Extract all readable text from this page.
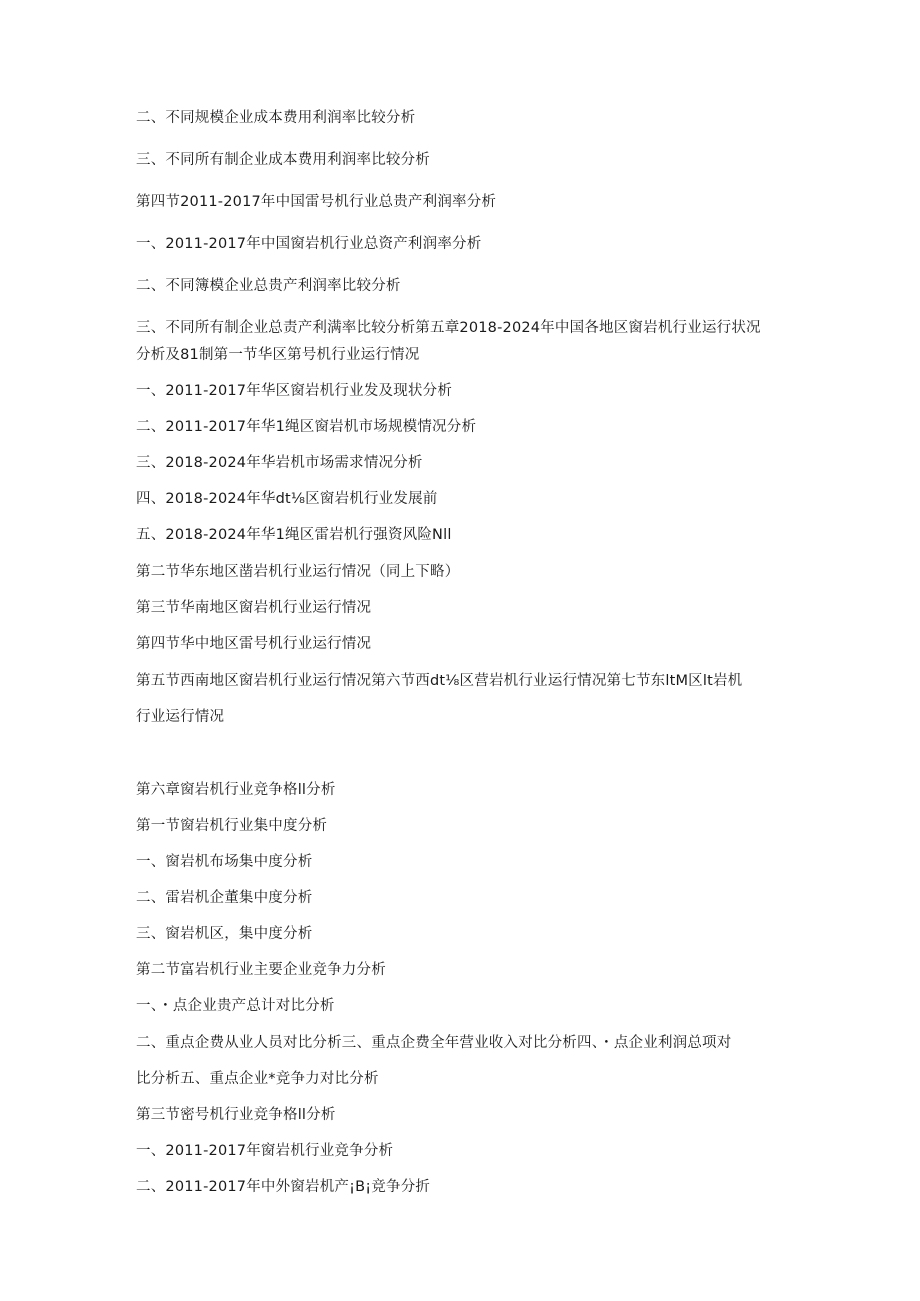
二、不同规模企业成本费用利润率比较分析
三、不同所有制企业成本费用利润率比较分析
第四节2011-2017年中国雷号机行业总贵产利润率分析
一、2011-2017年中国窗岩机行业总资产利润率分析
二、不同簿模企业总贵产利润率比较分析
三、不同所有制企业总责产利满率比较分析第五章2018-2024年中国各地区窗岩机行业运行状况
分析及81制第一节华区第号机行业运行情况
一、2011-2017年华区窗岩机行业发及现状分析
二、2011-2017年华1绳区窗岩机市场规模情况分析
三、2018-2024年华岩机市场需求情况分析
四、2018-2024年华dt⅛区窗岩机行业发展前
五、2018-2024年华1绳区雷岩机行强资风险Nll
第二节华东地区凿岩机行业运行情况（同上下略）
第三节华南地区窗岩机行业运行情况
第四节华中地区雷号机行业运行情况
第五节西南地区窗岩机行业运行情况第六节西dt⅛区营岩机行业运行情况第七节东ltM区lt岩机
行业运行情况
第六章窗岩机行业竞争格ll分析
第一节窗岩机行业集中度分析
一、窗岩机布场集中度分析
二、雷岩机企董集中度分析
三、窗岩机区，集中度分析
第二节富岩机行业主要企业竞争力分析
一、・点企业贵产总计对比分析
二、重点企费从业人员对比分析三、重点企费全年营业收入对比分析四、・点企业利润总项对
比分析五、重点企业*竞争力对比分析
第三节密号机行业竞争格ll分析
一、2011-2017年窗岩机行业竞争分析
二、2011-2017年中外窗岩机产¡B¡竞争分折
